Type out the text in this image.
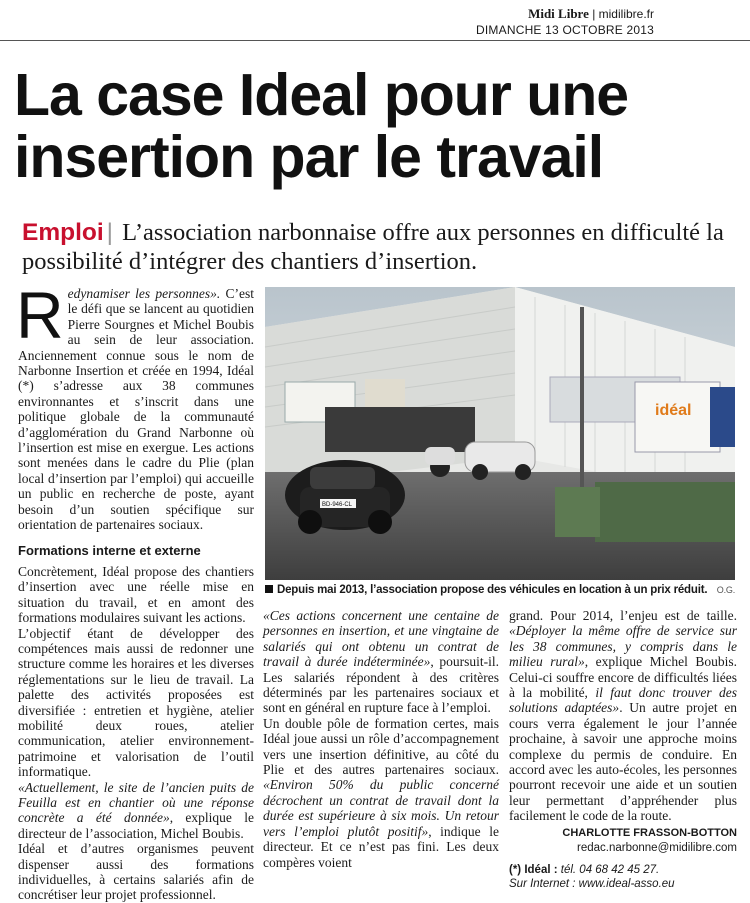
Midi Libre | midilibre.fr
DIMANCHE 13 OCTOBRE 2013
La case Ideal pour une insertion par le travail
Emploi | L’association narbonnaise offre aux personnes en difficulté la possibilité d’intégrer des chantiers d’insertion.

Redynamiser les personnes». C’est le défi que se lancent au quotidien Pierre Sourgnes et Michel Boubis au sein de leur association. Anciennement connue sous le nom de Narbonne Insertion et créée en 1994, Idéal (*) s’adresse aux 38 communes environnantes et s’inscrit dans une politique globale de la communauté d’agglomération du Grand Narbonne où l’insertion est mise en exergue. Les actions sont menées dans le cadre du Plie (plan local d’insertion par l’emploi) qui accueille un public en recherche de poste, ayant besoin d’un soutien spécifique sur orientation de partenaires sociaux.

Formations interne et externe

Concrètement, Idéal propose des chantiers d’insertion avec une réelle mise en situation du travail, et en amont des formations modulaires suivant les actions.

L’objectif étant de développer des compétences mais aussi de redonner une structure comme les horaires et les diverses réglementations sur le lieu de travail. La palette des activités proposées est diversifiée : entretien et hygiène, atelier mobilité deux roues, atelier communication, atelier environnement-patrimoine et valorisation de l’outil informatique.

«Actuellement, le site de l’ancien puits de Feuilla est en chantier où une réponse concrète a été donnée», explique le directeur de l’association, Michel Boubis.

Idéal et d’autres organismes peuvent dispenser aussi des formations individuelles, à certains salariés afin de concrétiser leur projet professionnel.

idéal
BD-946-CL
Depuis mai 2013, l’association propose des véhicules en location à un prix réduit. O.G.

«Ces actions concernent une centaine de personnes en insertion, et une vingtaine de salariés qui ont obtenu un contrat de travail à durée indéterminée», poursuit-il. Les salariés répondent à des critères déterminés par les partenaires sociaux et sont en général en rupture face à l’emploi.

Un double pôle de formation certes, mais Idéal joue aussi un rôle d’accompagnement vers une insertion définitive, au côté du Plie et des autres partenaires sociaux. «Environ 50% du public concerné décrochent un contrat de travail dont la durée est supérieure à six mois. Un retour vers l’emploi plutôt positif», indique le directeur. Et ce n’est pas fini. Les deux compères voient

grand. Pour 2014, l’enjeu est de taille. «Déployer la même offre de service sur les 38 communes, y compris dans le milieu rural», explique Michel Boubis. Celui-ci souffre encore de difficultés liées à la mobilité, il faut donc trouver des solutions adaptées». Un autre projet en cours verra également le jour l’année prochaine, à savoir une approche moins complexe du permis de conduire. En accord avec les auto-écoles, les personnes pourront recevoir une aide et un soutien leur permettant d’appréhender plus facilement le code de la route.

CHARLOTTE FRASSON-BOTTON
redac.narbonne@midilibre.com
(*) Idéal : tél. 04 68 42 45 27.
Sur Internet : www.ideal-asso.eu
